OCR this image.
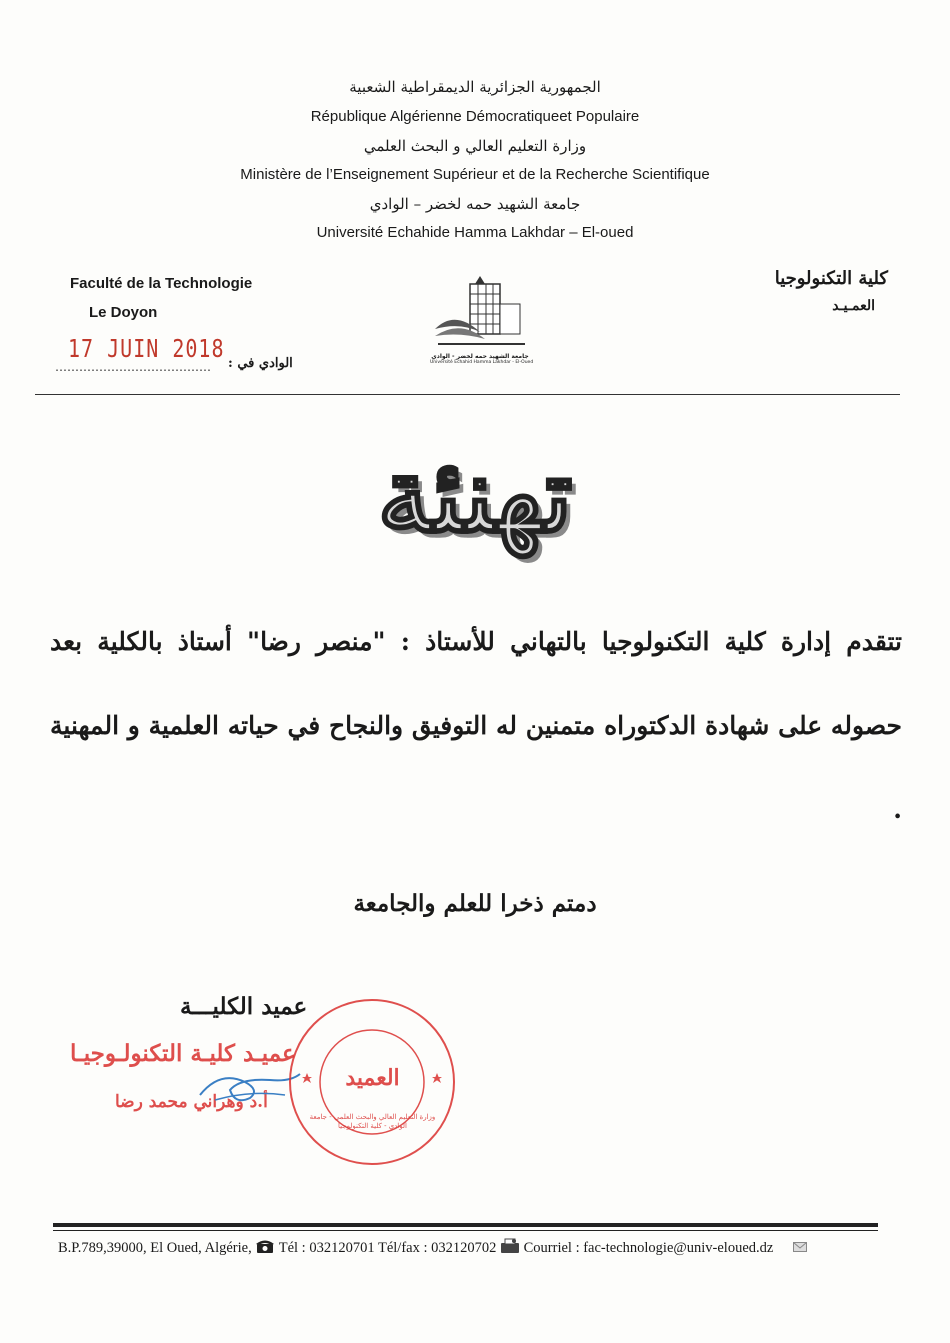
الجمهورية الجزائرية الديمقراطية الشعبية
République Algérienne Démocratiqueet Populaire
وزارة التعليم العالي و البحث العلمي
Ministère de l’Enseignement Supérieur et de la Recherche Scientifique
جامعة الشهيد حمه لخضر – الوادي
Université Echahide Hamma Lakhdar – El-oued
Faculté de la Technologie
Le Doyon
17 JUIN 2018
…………………………………	الوادي في :
كلية التكنولوجيا
العمـيـد
جامعة الشهيد حمه لخضر - الوادي
Université Echahid Hamma Lakhdar - El-Oued
تهنئة
تتقدم إدارة كلية التكنولوجيا بالتهاني للأستاذ : "منصر رضا" أستاذ بالكلية بعد حصوله على شهادة الدكتوراه متمنين له التوفيق والنجاح في حياته العلمية و المهنية .
دمتم ذخرا للعلم والجامعة
عميد الكليـــة
عميـد كليـة التكنولـوجيـا
أ.د وهراني محمد رضا
العميد
وزارة التعليم العالي والبحث العلمي - جامعة الوادي - كلية التكنولوجيا
B.P.789,39000, El Oued, Algérie, Tél : 032120701 Tél/fax : 032120702 Courriel : fac-technologie@univ-eloued.dz
